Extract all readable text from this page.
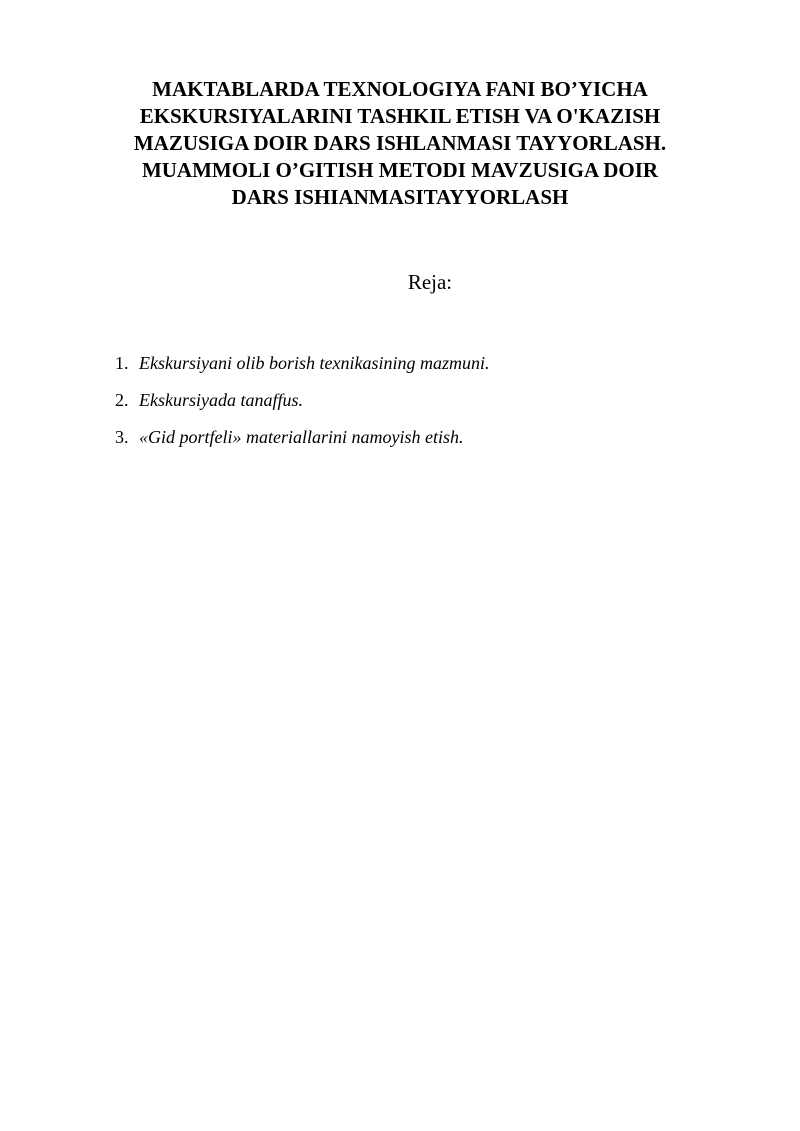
MAKTABLARDA TEXNOLOGIYA FANI BO’YICHA
EKSKURSIYALARINI TASHKIL ETISH VA O'KAZISH
MAZUSIGA DOIR DARS ISHLANMASI TAYYORLASH.
MUAMMOLI O’GITISH METODI MAVZUSIGA DOIR
DARS ISHIANMASITAYYORLASH

Reja:

1. Ekskursiyani olib borish texnikasining mazmuni.
2. Ekskursiyada tanaffus.
3. «Gid portfeli» materiallarini namoyish etish.
